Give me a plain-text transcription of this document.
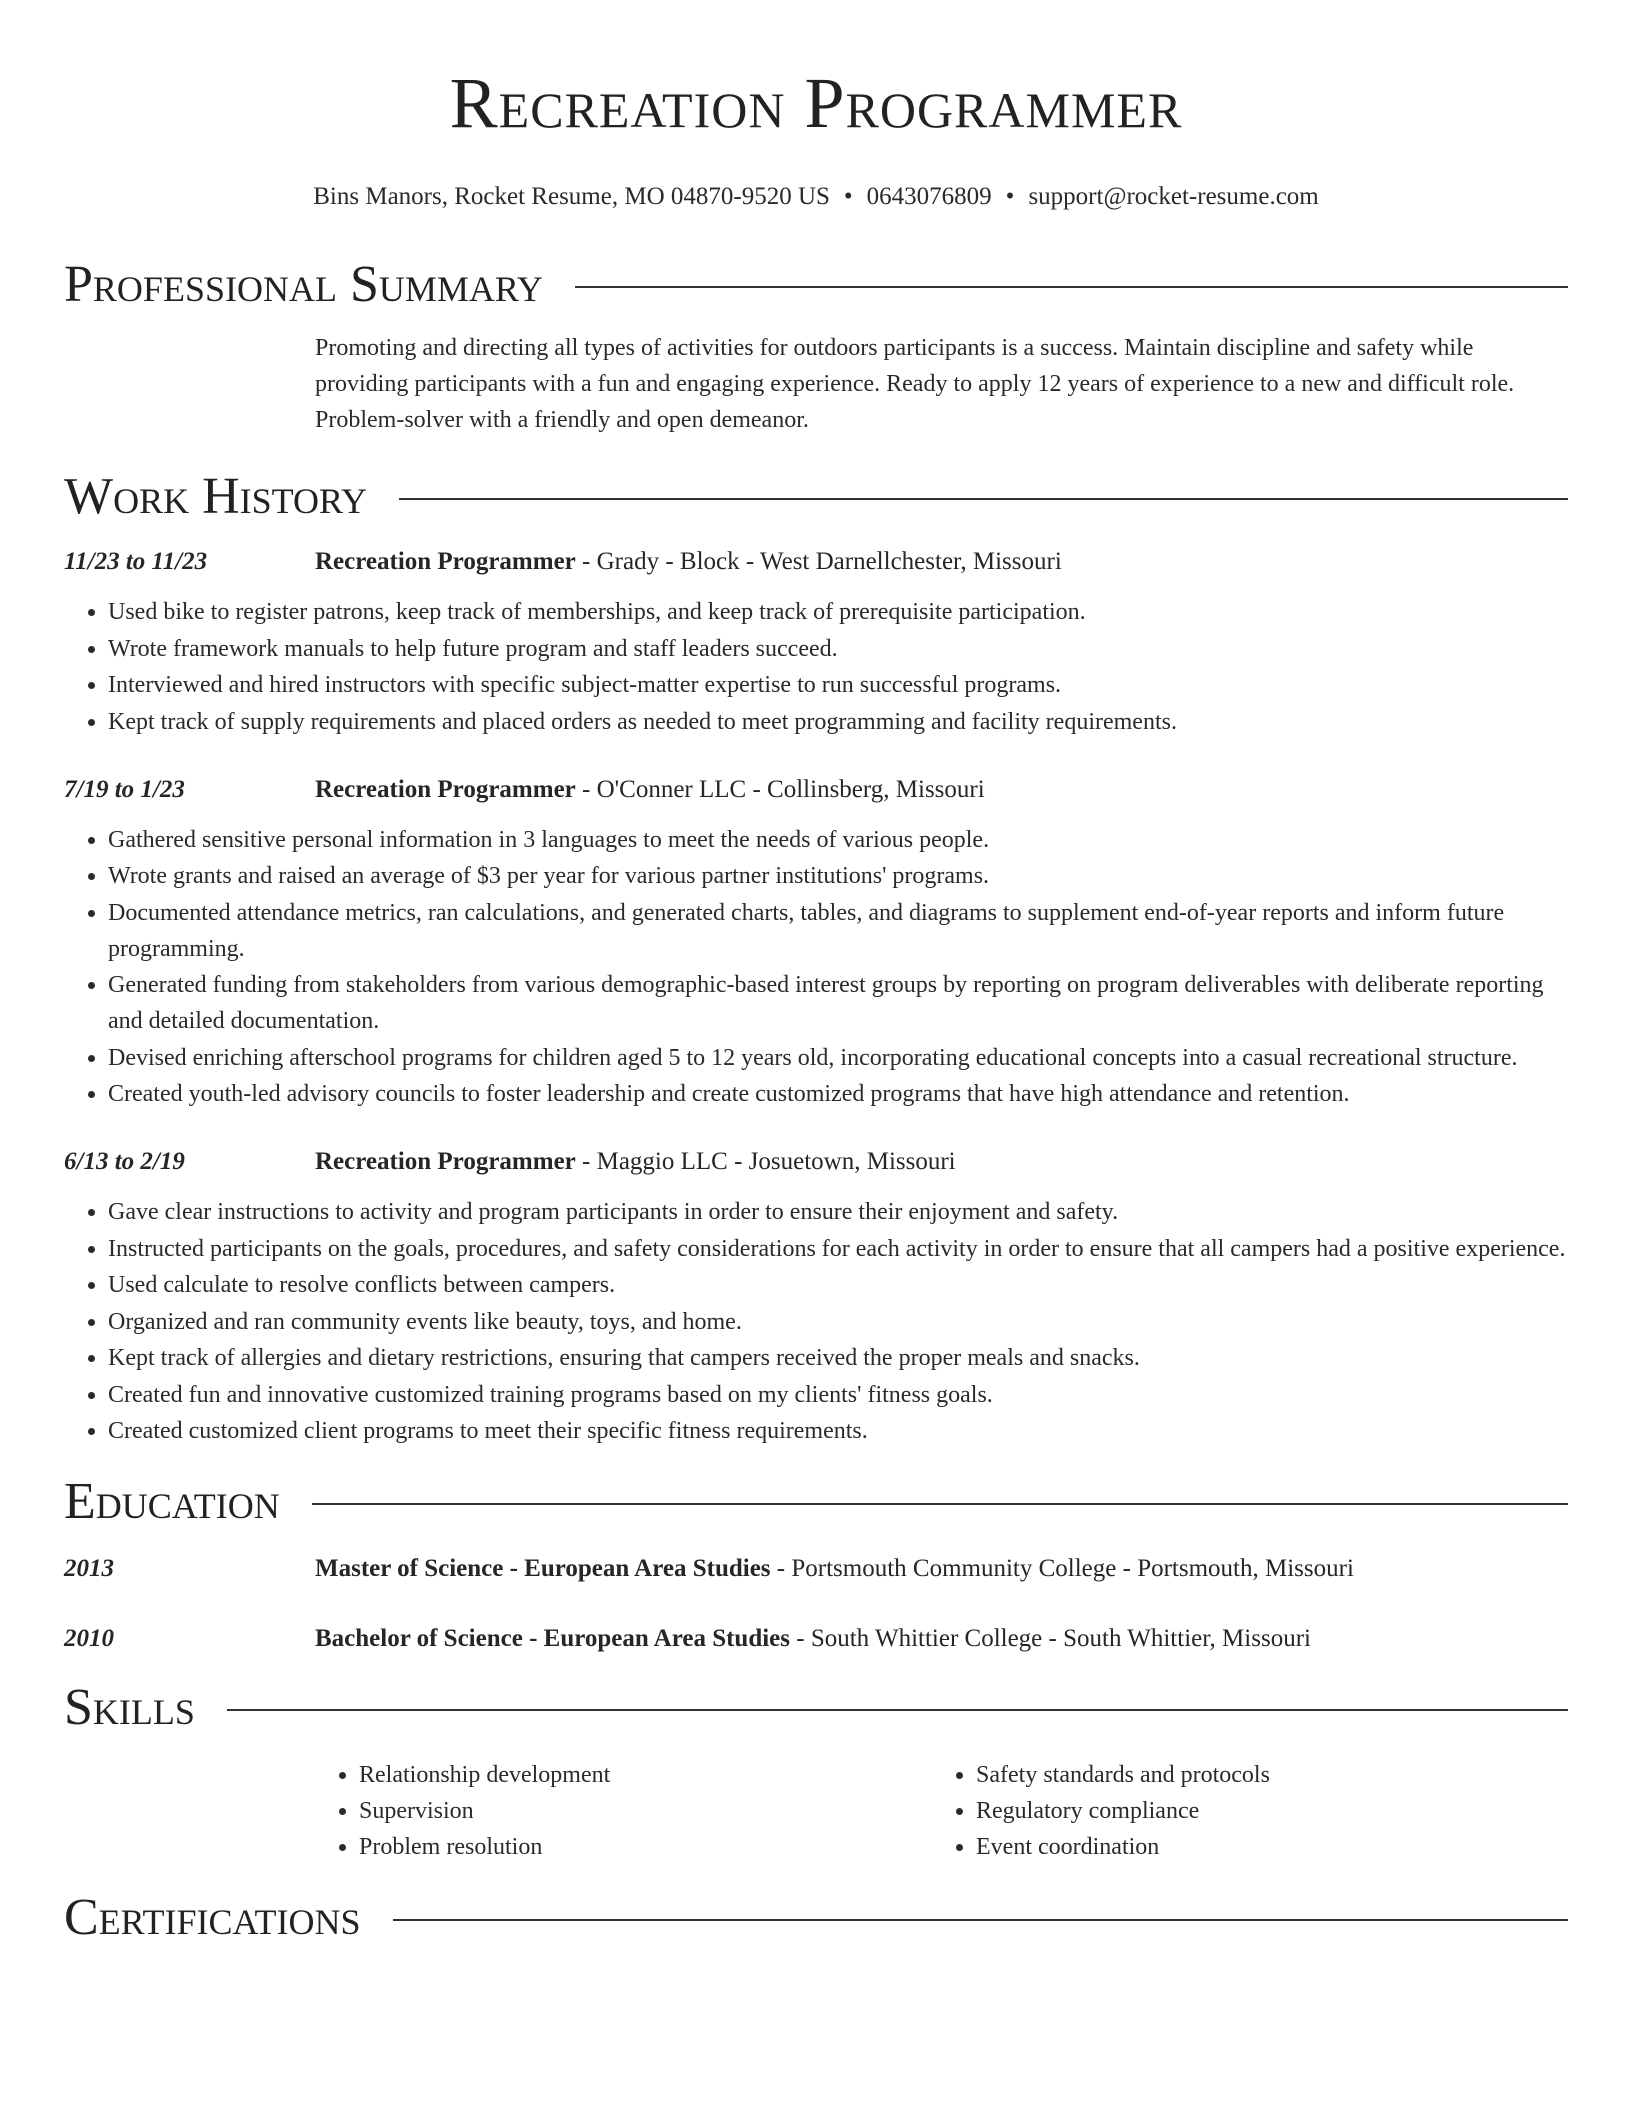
Recreation Programmer
Bins Manors, Rocket Resume, MO 04870-9520 US • 0643076809 • support@rocket-resume.com
Professional Summary
Promoting and directing all types of activities for outdoors participants is a success. Maintain discipline and safety while providing participants with a fun and engaging experience. Ready to apply 12 years of experience to a new and difficult role. Problem-solver with a friendly and open demeanor.
Work History
11/23 to 11/23	Recreation Programmer - Grady - Block - West Darnellchester, Missouri
• Used bike to register patrons, keep track of memberships, and keep track of prerequisite participation.
• Wrote framework manuals to help future program and staff leaders succeed.
• Interviewed and hired instructors with specific subject-matter expertise to run successful programs.
• Kept track of supply requirements and placed orders as needed to meet programming and facility requirements.
7/19 to 1/23	Recreation Programmer - O'Conner LLC - Collinsberg, Missouri
• Gathered sensitive personal information in 3 languages to meet the needs of various people.
• Wrote grants and raised an average of $3 per year for various partner institutions' programs.
• Documented attendance metrics, ran calculations, and generated charts, tables, and diagrams to supplement end-of-year reports and inform future programming.
• Generated funding from stakeholders from various demographic-based interest groups by reporting on program deliverables with deliberate reporting and detailed documentation.
• Devised enriching afterschool programs for children aged 5 to 12 years old, incorporating educational concepts into a casual recreational structure.
• Created youth-led advisory councils to foster leadership and create customized programs that have high attendance and retention.
6/13 to 2/19	Recreation Programmer - Maggio LLC - Josuetown, Missouri
• Gave clear instructions to activity and program participants in order to ensure their enjoyment and safety.
• Instructed participants on the goals, procedures, and safety considerations for each activity in order to ensure that all campers had a positive experience.
• Used calculate to resolve conflicts between campers.
• Organized and ran community events like beauty, toys, and home.
• Kept track of allergies and dietary restrictions, ensuring that campers received the proper meals and snacks.
• Created fun and innovative customized training programs based on my clients' fitness goals.
• Created customized client programs to meet their specific fitness requirements.
Education
2013	Master of Science - European Area Studies - Portsmouth Community College - Portsmouth, Missouri
2010	Bachelor of Science - European Area Studies - South Whittier College - South Whittier, Missouri
Skills
• Relationship development
• Supervision
• Problem resolution
• Safety standards and protocols
• Regulatory compliance
• Event coordination
Certifications
